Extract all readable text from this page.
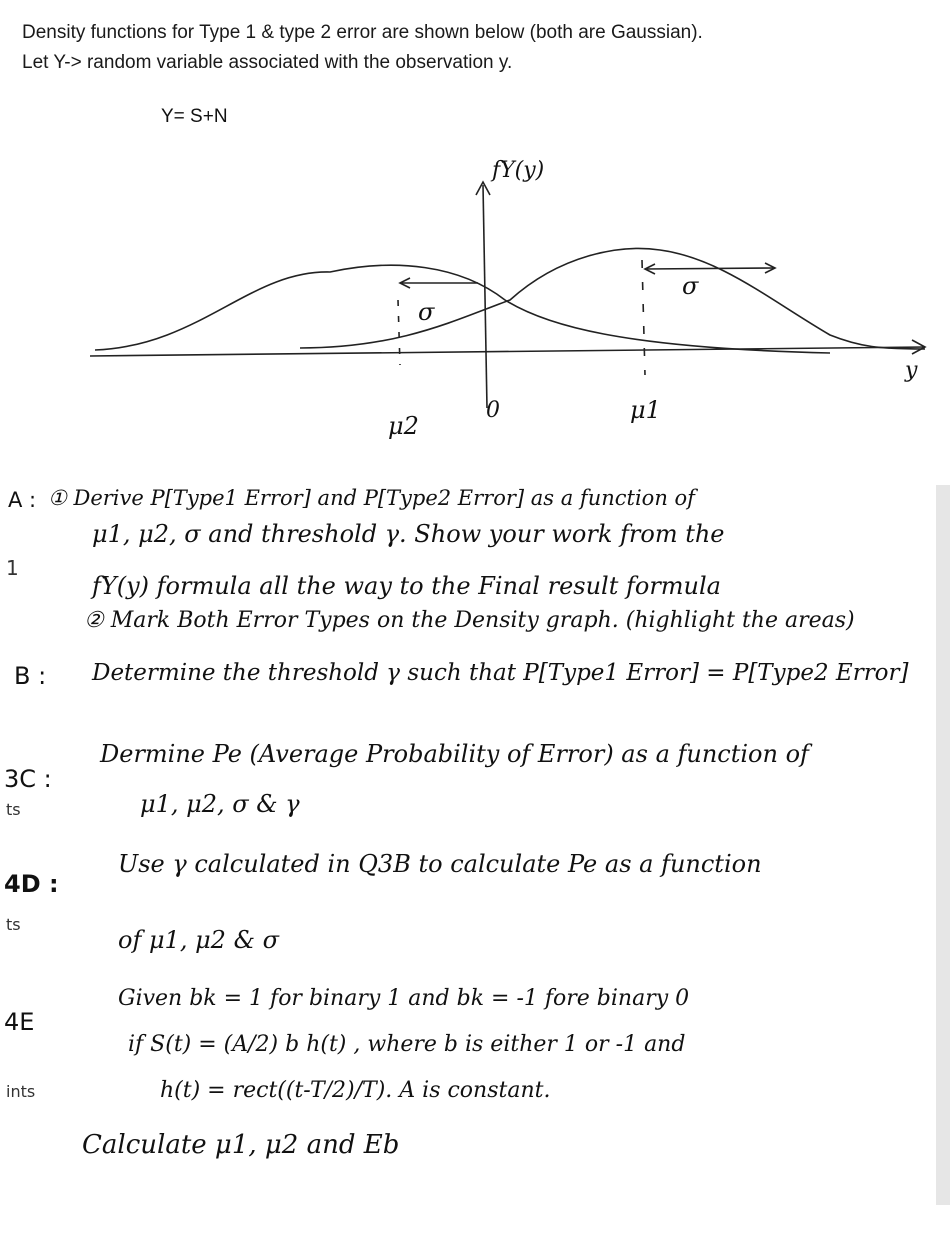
Density functions for Type 1 & type 2 error are shown below (both are Gaussian).
Let Y-> random variable associated with the observation y.
Y= S+N
fY(y)
y
σ
σ
μ2
0	μ1
A : ① Derive P[Type1 Error] and P[Type2 Error] as a function of
μ1, μ2, σ and threshold γ. Show your work from the
1
fY(y) formula all the way to the Final result formula
② Mark Both Error Types on the Density graph. (highlight the areas)
B : Determine the threshold γ such that P[Type1 Error] = P[Type2 Error]
3C :
ts
Dermine Pe (Average Probability of Error) as a function of
μ1, μ2, σ & γ
4D :
ts
Use γ calculated in Q3B to calculate Pe as a function
of μ1, μ2 & σ
4E
Given bk = 1 for binary 1 and bk = -1 fore binary 0
if S(t) = (A/2) b h(t) , where b is either 1 or -1 and
ints	h(t) = rect((t-T/2)/T). A is constant.
Calculate μ1, μ2 and Eb
